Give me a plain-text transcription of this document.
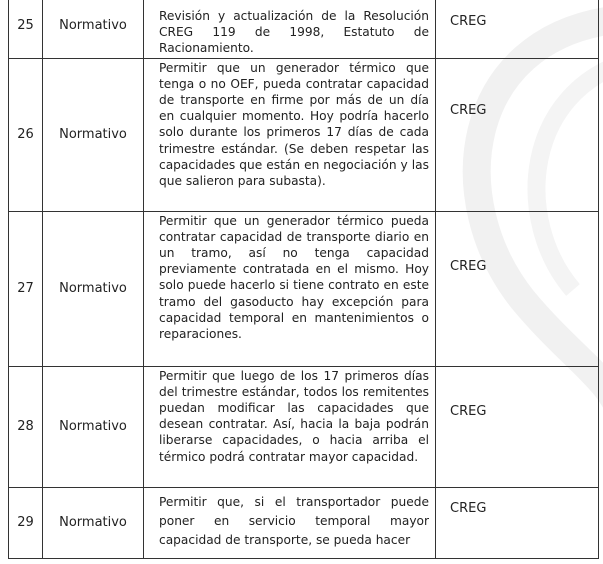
25	Normativo	Revisión y actualización de la Resolución CREG 119 de 1998, Estatuto de Racionamiento.	CREG

26	Normativo	Permitir que un generador térmico que tenga o no OEF, pueda contratar capacidad de transporte en firme por más de un día en cualquier momento. Hoy podría hacerlo solo durante los primeros 17 días de cada trimestre estándar. (Se deben respetar las capacidades que están en negociación y las que salieron para subasta).	CREG

27	Normativo	Permitir que un generador térmico pueda contratar capacidad de transporte diario en un tramo, así no tenga capacidad previamente contratada en el mismo. Hoy solo puede hacerlo si tiene contrato en este tramo del gasoducto hay excepción para capacidad temporal en mantenimientos o reparaciones.	CREG

28	Normativo	Permitir que luego de los 17 primeros días del trimestre estándar, todos los remitentes puedan modificar las capacidades que desean contratar. Así, hacia la baja podrán liberarse capacidades, o hacia arriba el térmico podrá contratar mayor capacidad.	CREG

29	Normativo	Permitir que, si el transportador puede poner en servicio temporal mayor capacidad de transporte, se pueda hacer	CREG
